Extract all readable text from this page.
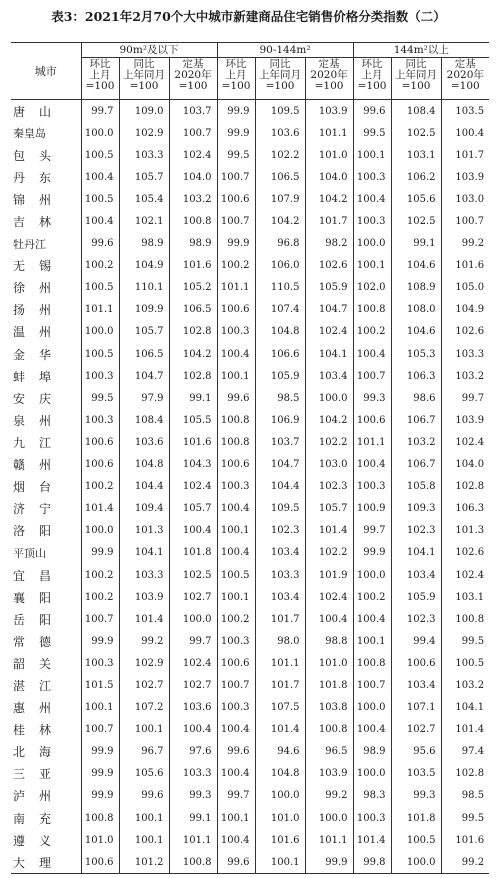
表3：2021年2月70个大中城市新建商品住宅销售价格分类指数（二）
城市	90m²及以下			90-144m²			144m²以上		

	环比
上月
=100	同比
上年同月
=100	定基
2020年
=100	环比
上月
=100	同比
上年同月
=100	定基
2020年
=100	环比
上月
=100	同比
上年同月
=100	定基
2020年
=100

唐山	99.7	109.0	103.7	99.9	109.5	103.9	99.6	108.4	103.5

秦皇岛	100.0	102.9	100.7	99.9	103.6	101.1	99.5	102.5	100.4

包头	100.5	103.3	102.4	99.5	102.2	101.0	100.1	103.1	101.7

丹东	100.4	105.7	104.0	100.7	106.5	104.0	100.3	106.2	103.9

锦州	100.5	105.4	103.2	100.6	107.9	104.2	100.4	105.6	103.0

吉林	100.4	102.1	100.8	100.7	104.2	101.7	100.3	102.5	100.7

牡丹江	99.6	98.9	98.9	99.9	96.8	98.2	100.0	99.1	99.2

无锡	100.2	104.9	101.6	100.2	106.0	102.6	100.1	104.6	101.6

徐州	100.5	110.1	105.2	101.1	110.5	105.9	102.0	108.9	105.0

扬州	101.1	109.9	106.5	100.6	107.4	104.7	100.8	108.0	104.9

温州	100.0	105.7	102.8	100.3	104.8	102.4	100.2	104.6	102.6

金华	100.5	106.5	104.2	100.4	106.6	104.1	100.4	105.3	103.3

蚌埠	100.3	104.7	102.8	100.1	105.9	103.4	100.7	106.3	103.2

安庆	99.5	97.9	99.1	99.6	98.5	100.0	99.3	98.6	99.7

泉州	100.3	108.4	105.5	100.8	106.9	104.2	100.6	106.7	103.9

九江	100.6	103.6	101.6	100.8	103.7	102.2	101.1	103.2	102.4

赣州	100.6	104.8	104.3	100.6	104.7	103.0	100.4	106.7	104.0

烟台	100.2	104.4	102.4	100.3	104.4	102.3	100.3	105.8	102.8

济宁	101.4	109.4	105.7	100.4	109.5	105.7	100.9	109.3	106.3

洛阳	100.0	101.3	100.4	100.1	102.3	101.4	99.7	102.3	101.3

平顶山	99.9	104.1	101.8	100.4	103.4	102.2	99.9	104.1	102.6

宜昌	100.2	103.3	102.5	100.5	103.3	101.9	100.0	103.4	102.4

襄阳	100.2	103.9	102.7	100.1	103.4	102.4	100.2	105.9	103.1

岳阳	100.7	101.4	100.0	100.2	101.7	100.4	100.4	102.3	100.8

常德	99.9	99.2	99.7	100.3	98.0	98.8	100.1	99.4	99.5

韶关	100.3	102.9	102.4	100.6	101.1	101.0	100.8	100.6	100.5

湛江	101.5	102.7	102.7	100.7	101.7	101.8	100.7	103.4	103.2

惠州	100.1	107.2	103.6	100.3	107.5	103.8	100.0	107.1	104.1

桂林	100.7	100.1	100.4	100.4	101.4	100.8	100.4	102.7	101.4

北海	99.9	96.7	97.6	99.6	94.6	96.5	98.9	95.6	97.4

三亚	99.9	105.6	103.3	100.4	104.8	103.9	100.0	103.5	102.8

泸州	99.9	99.6	99.3	99.7	100.0	99.2	98.3	99.3	98.5

南充	100.8	100.1	99.1	100.1	101.0	100.0	100.3	101.8	99.5

遵义	101.0	100.1	101.1	100.4	101.6	101.1	101.4	100.5	101.6

大理	100.6	101.2	100.8	99.6	100.1	99.9	99.8	100.0	99.2
